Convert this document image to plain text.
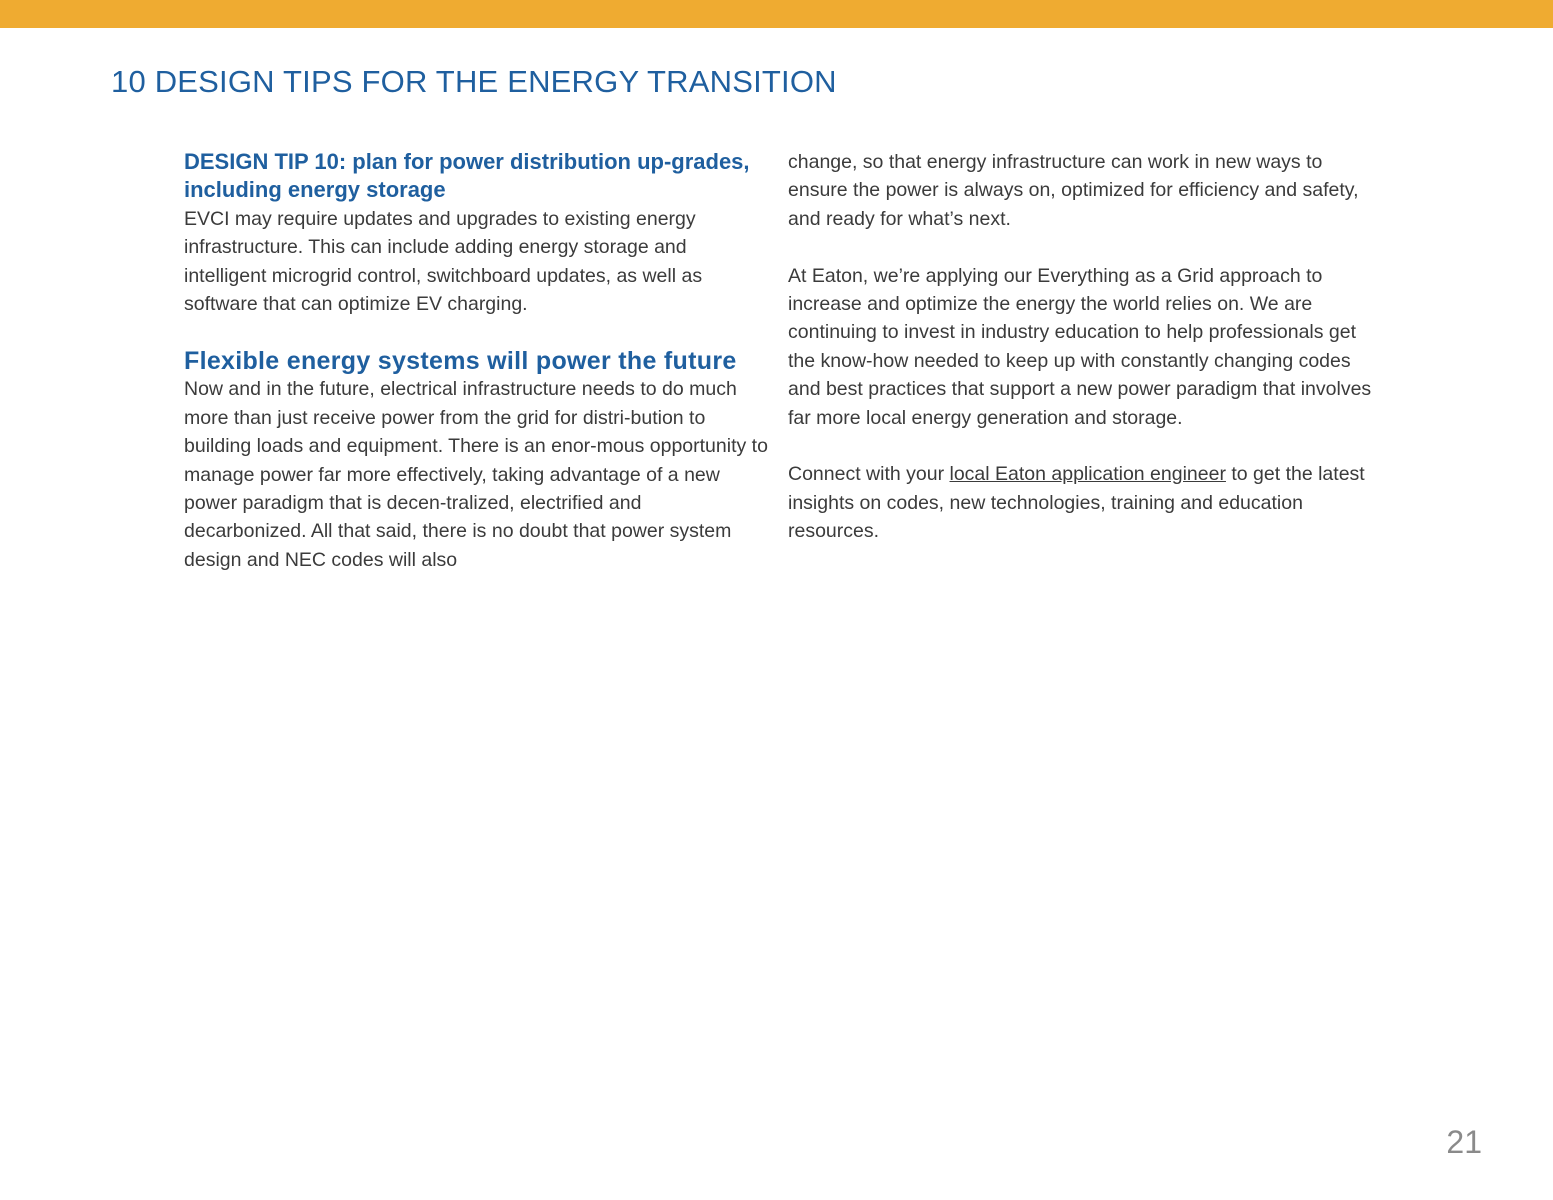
10 DESIGN TIPS FOR THE ENERGY TRANSITION
DESIGN TIP 10: plan for power distribution up-grades, including energy storage

EVCI may require updates and upgrades to existing energy infrastructure. This can include adding energy storage and intelligent microgrid control, switchboard updates, as well as software that can optimize EV charging.

Flexible energy systems will power the future

Now and in the future, electrical infrastructure needs to do much more than just receive power from the grid for distri-bution to building loads and equipment. There is an enor-mous opportunity to manage power far more effectively, taking advantage of a new power paradigm that is decen-tralized, electrified and decarbonized. All that said, there is no doubt that power system design and NEC codes will also

change, so that energy infrastructure can work in new ways to ensure the power is always on, optimized for efficiency and safety, and ready for what’s next.

At Eaton, we’re applying our Everything as a Grid approach to increase and optimize the energy the world relies on. We are continuing to invest in industry education to help professionals get the know-how needed to keep up with constantly changing codes and best practices that support a new power paradigm that involves far more local energy generation and storage.

Connect with your local Eaton application engineer to get the latest insights on codes, new technologies, training and education resources.

21
